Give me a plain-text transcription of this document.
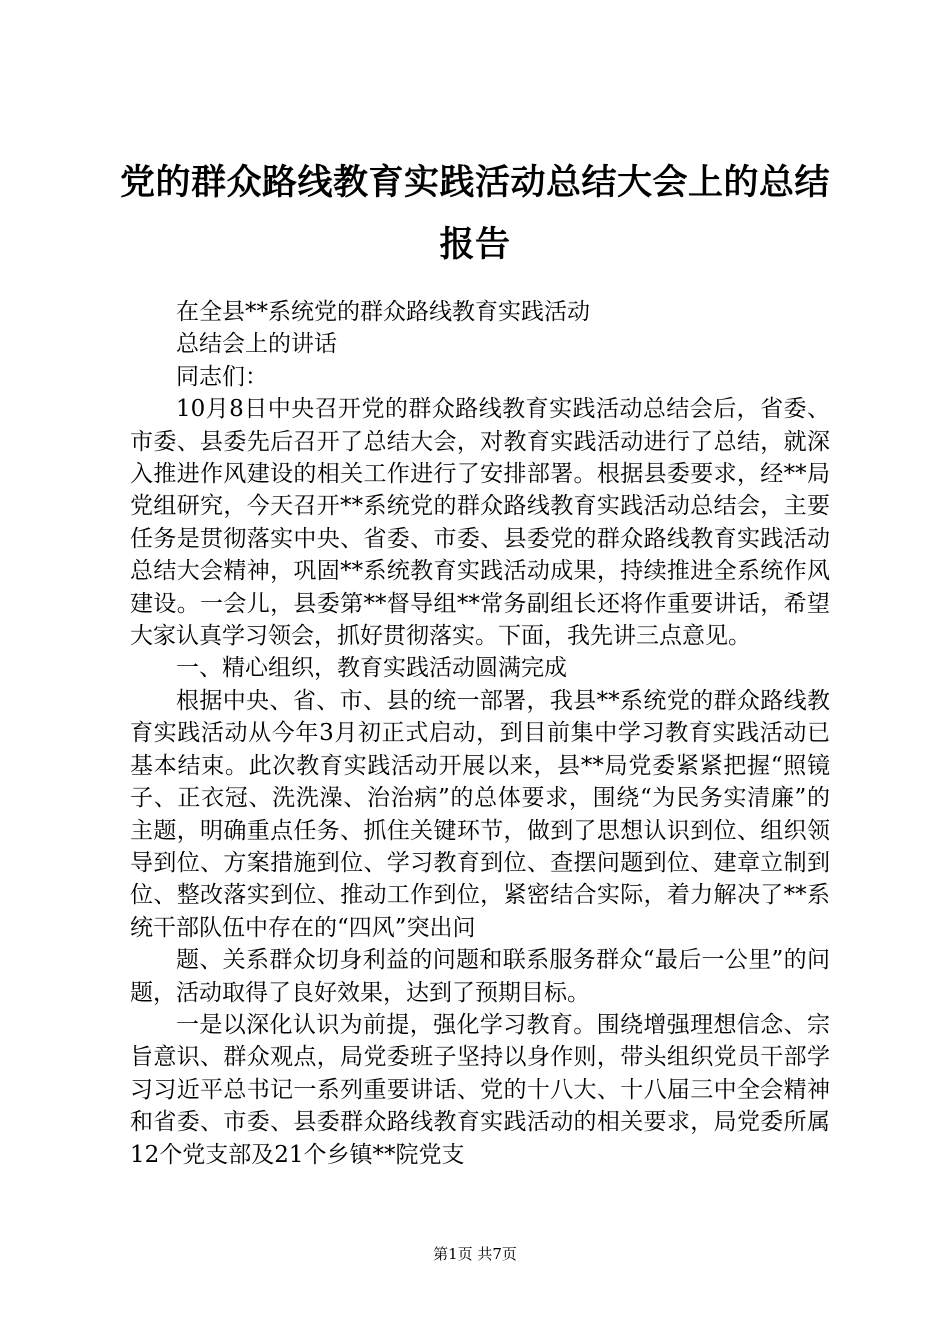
党的群众路线教育实践活动总结大会上的总结报告

在全县**系统党的群众路线教育实践活动

总结会上的讲话

同志们：

10月8日中央召开党的群众路线教育实践活动总结会后，省委、市委、县委先后召开了总结大会，对教育实践活动进行了总结，就深入推进作风建设的相关工作进行了安排部署。根据县委要求，经**局党组研究，今天召开**系统党的群众路线教育实践活动总结会，主要任务是贯彻落实中央、省委、市委、县委党的群众路线教育实践活动总结大会精神，巩固**系统教育实践活动成果，持续推进全系统作风建设。一会儿，县委第**督导组**常务副组长还将作重要讲话，希望大家认真学习领会，抓好贯彻落实。下面，我先讲三点意见。

一、精心组织，教育实践活动圆满完成

根据中央、省、市、县的统一部署，我县**系统党的群众路线教育实践活动从今年3月初正式启动，到目前集中学习教育实践活动已基本结束。此次教育实践活动开展以来，县**局党委紧紧把握“照镜子、正衣冠、洗洗澡、治治病”的总体要求，围绕“为民务实清廉”的主题，明确重点任务、抓住关键环节，做到了思想认识到位、组织领导到位、方案措施到位、学习教育到位、查摆问题到位、建章立制到位、整改落实到位、推动工作到位，紧密结合实际，着力解决了**系统干部队伍中存在的“四风”突出问

题、关系群众切身利益的问题和联系服务群众“最后一公里”的问题，活动取得了良好效果，达到了预期目标。

一是以深化认识为前提，强化学习教育。围绕增强理想信念、宗旨意识、群众观点，局党委班子坚持以身作则，带头组织党员干部学习习近平总书记一系列重要讲话、党的十八大、十八届三中全会精神和省委、市委、县委群众路线教育实践活动的相关要求，局党委所属12个党支部及21个乡镇**院党支

第1页 共7页
